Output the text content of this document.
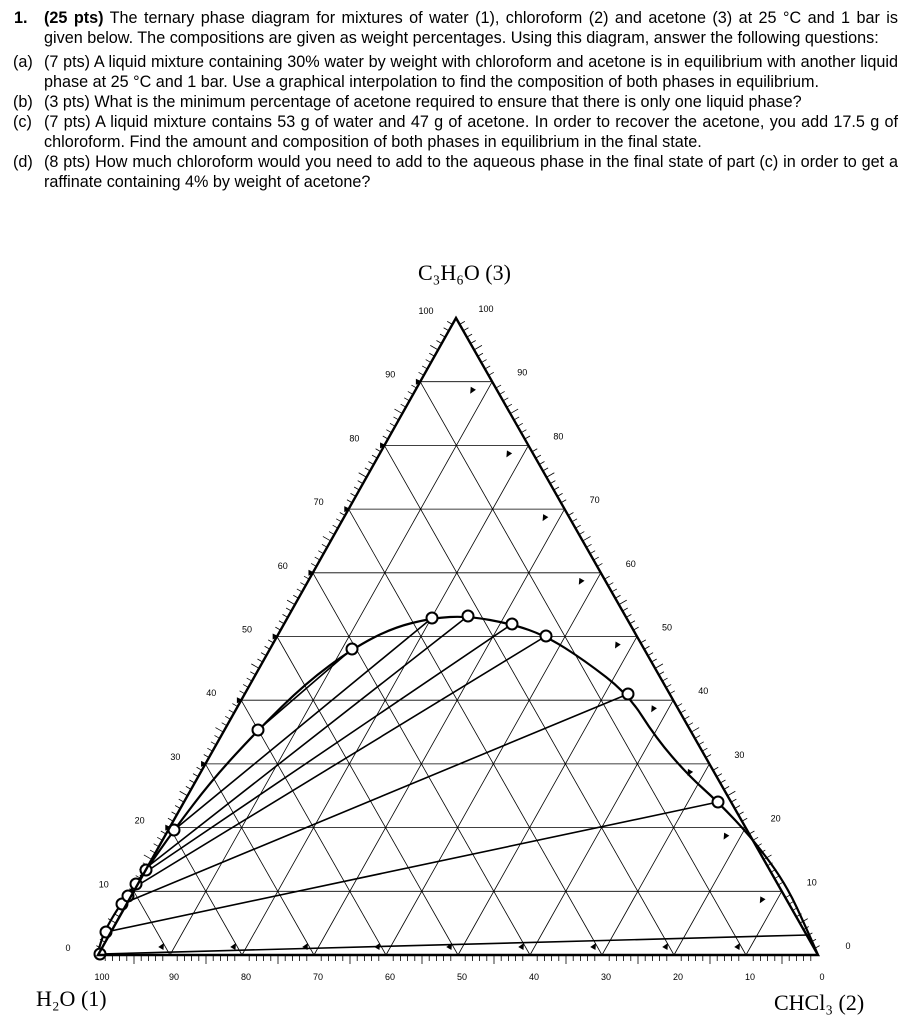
1. (25 pts) The ternary phase diagram for mixtures of water (1), chloroform (2) and acetone (3) at 25 °C and 1 bar is given below. The compositions are given as weight percentages. Using this diagram, answer the following questions:
(a) (7 pts) A liquid mixture containing 30% water by weight with chloroform and acetone is in equilibrium with another liquid phase at 25 °C and 1 bar. Use a graphical interpolation to find the composition of both phases in equilibrium.
(b) (3 pts) What is the minimum percentage of acetone required to ensure that there is only one liquid phase?
(c) (7 pts) A liquid mixture contains 53 g of water and 47 g of acetone. In order to recover the acetone, you add 17.5 g of chloroform. Find the amount and composition of both phases in equilibrium in the final state.
(d) (8 pts) How much chloroform would you need to add to the aqueous phase in the final state of part (c) in order to get a raffinate containing 4% by weight of acetone?
0	0
100
10	10
90
20	20
80
30	30
70
40	40
60
50	50
50
60	60
40
70	70
30
80	80
20
90	90
10
100	100
0
C₃H₆O (3)
H₂O (1)	CHCl₃ (2)
